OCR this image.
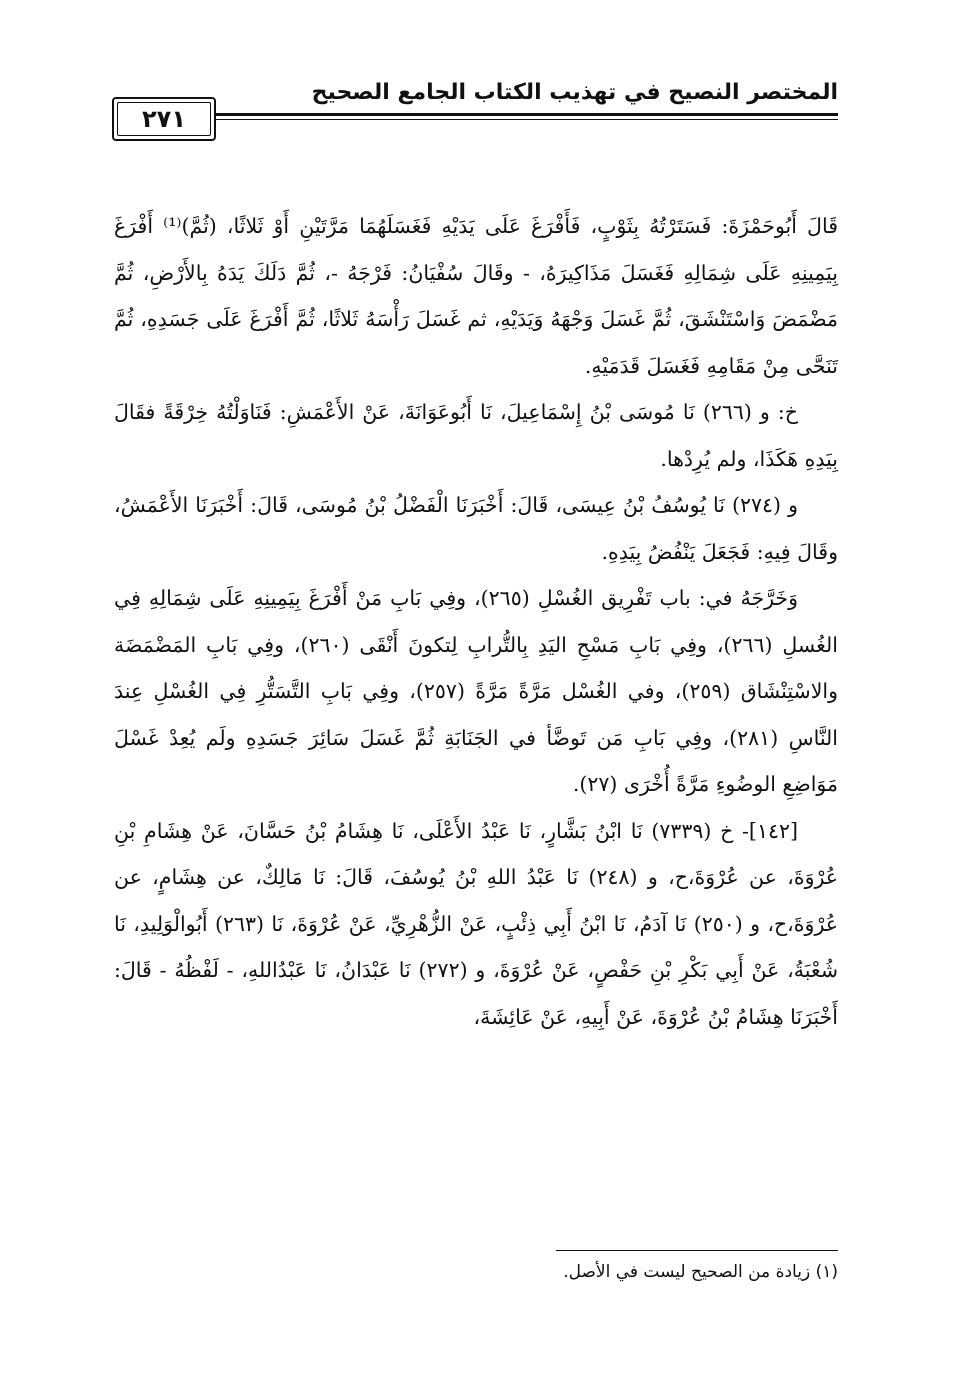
المختصر النصيح في تهذيب الكتاب الجامع الصحيح
٢٧١

قَالَ أَبُوحَمْزَةَ: فَسَتَرْتُهُ بِثَوْبٍ، فَأَفْرَغَ عَلَى يَدَيْهِ فَغَسَلَهُمَا مَرَّتَيْنِ أَوْ ثَلاثًا، (ثُمَّ)⁽¹⁾ أَفْرَغَ بِيَمِينِهِ عَلَى شِمَالِهِ فَغَسَلَ مَذَاكِيرَهُ، - وقَالَ سُفْيَانُ: فَرْجَهُ -، ثُمَّ دَلَكَ يَدَهُ بِالأَرْضِ، ثُمَّ مَضْمَضَ وَاسْتَنْشَقَ، ثُمَّ غَسَلَ وَجْهَهُ وَيَدَيْهِ، ثم غَسَلَ رَأْسَهُ ثَلاثًا، ثُمَّ أَفْرَغَ عَلَى جَسَدِهِ، ثُمَّ تَنَحَّى مِنْ مَقَامِهِ فَغَسَلَ قَدَمَيْهِ.

خ: و (٢٦٦) نَا مُوسَى بْنُ إِسْمَاعِيلَ، نَا أَبُوعَوَانَةَ، عَنْ الأَعْمَشِ: فَنَاوَلْتُهُ خِرْقَةً فقَالَ بِيَدِهِ هَكَذَا، ولم يُرِدْها.

و (٢٧٤) نَا يُوسُفُ بْنُ عِيسَى، قَالَ: أَخْبَرَنَا الْفَضْلُ بْنُ مُوسَى، قَالَ: أَخْبَرَنَا الأَعْمَشُ، وقَالَ فِيهِ: فَجَعَلَ يَنْفُضُ بِيَدِهِ.

وَخَرَّجَهُ في: باب تَفْرِيق الغُسْلِ (٢٦٥)، وفِي بَابِ مَنْ أَفْرَغَ بِيَمِينِهِ عَلَى شِمَالِهِ فِي الغُسلِ (٢٦٦)، وفِي بَابِ مَسْحِ اليَدِ بِالتُّرابِ لِتكونَ أَنْقَى (٢٦٠)، وفِي بَابِ المَضْمَضَة والاسْتِنْشَاق (٢٥٩)، وفي الغُسْل مَرَّةً مَرَّةً (٢٥٧)، وفِي بَابِ التَّسَتُّرِ فِي الغُسْلِ عِندَ النَّاسِ (٢٨١)، وفِي بَابِ مَن تَوضَّأ في الجَنَابَةِ ثُمَّ غَسَلَ سَائِرَ جَسَدِهِ ولَم يُعِدْ غَسْلَ مَوَاضِعِ الوضُوءِ مَرَّةً أُخْرَى (٢٧).

[١٤٢]- خ (٧٣٣٩) نَا ابْنُ بَشَّارٍ، نَا عَبْدُ الأَعْلَى، نَا هِشَامُ بْنُ حَسَّانَ، عَنْ هِشَامِ بْنِ عُرْوَةَ، عن عُرْوَةَ،ح، و (٢٤٨) نَا عَبْدُ اللهِ بْنُ يُوسُفَ، قَالَ: نَا مَالِكٌ، عن هِشَامٍ، عن عُرْوَةَ،ح، و (٢٥٠) نَا آدَمُ، نَا ابْنُ أَبِي ذِئْبٍ، عَنْ الزُّهْرِيِّ، عَنْ عُرْوَةَ، نَا (٢٦٣) أَبُوالْوَلِيدِ، نَا شُعْبَةُ، عَنْ أَبِي بَكْرِ بْنِ حَفْصٍ، عَنْ عُرْوَةَ، و (٢٧٢) نَا عَبْدَانُ، نَا عَبْدُاللهِ، - لَفْظُهُ - قَالَ: أَخْبَرَنَا هِشَامُ بْنُ عُرْوَةَ، عَنْ أَبِيهِ، عَنْ عَائِشَةَ،

(١) زيادة من الصحيح ليست في الأصل.
